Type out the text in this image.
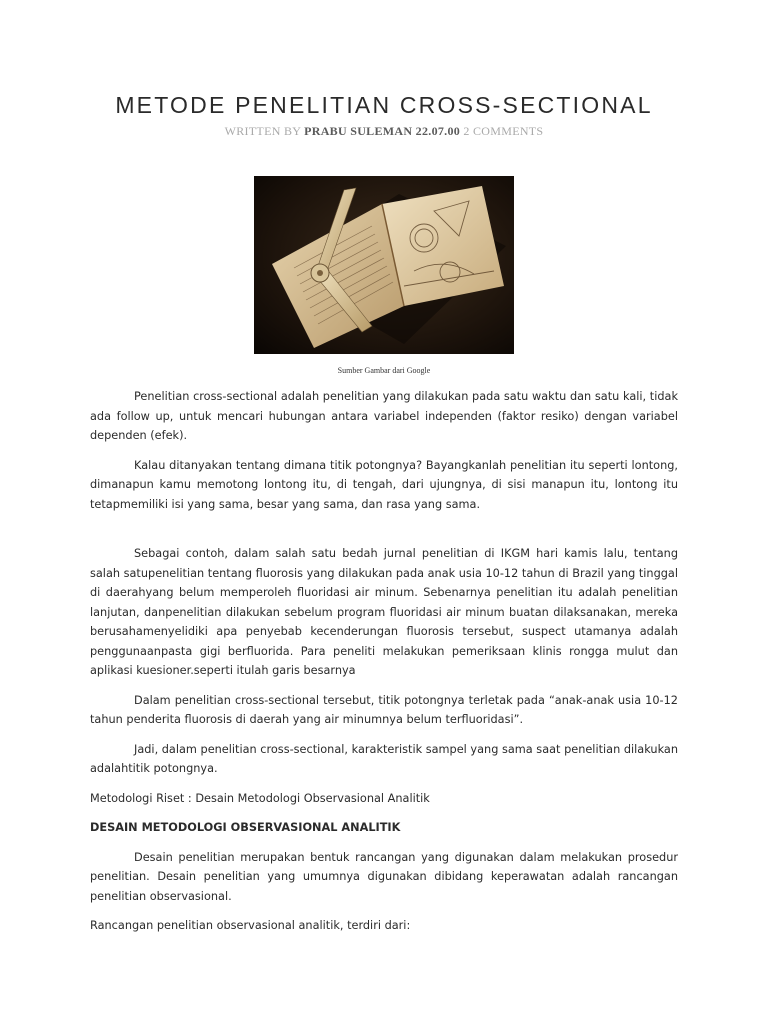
METODE PENELITIAN CROSS-SECTIONAL
WRITTEN BY PRABU SULEMAN 22.07.00 2 COMMENTS
Sumber Gambar dari Google

Penelitian cross-sectional adalah penelitian yang dilakukan pada satu waktu dan satu kali, tidak ada follow up, untuk mencari hubungan antara variabel independen (faktor resiko) dengan variabel dependen (efek).

Kalau ditanyakan tentang dimana titik potongnya? Bayangkanlah penelitian itu seperti lontong, dimanapun kamu memotong lontong itu, di tengah, dari ujungnya, di sisi manapun itu, lontong itu tetapmemiliki isi yang sama, besar yang sama, dan rasa yang sama.

Sebagai contoh, dalam salah satu bedah jurnal penelitian di IKGM hari kamis lalu, tentang salah satupenelitian tentang fluorosis yang dilakukan pada anak usia 10-12 tahun di Brazil yang tinggal di daerahyang belum memperoleh fluoridasi air minum. Sebenarnya penelitian itu adalah penelitian lanjutan, danpenelitian dilakukan sebelum program fluoridasi air minum buatan dilaksanakan, mereka berusahamenyelidiki apa penyebab kecenderungan fluorosis tersebut, suspect utamanya adalah penggunaanpasta gigi berfluorida. Para peneliti melakukan pemeriksaan klinis rongga mulut dan aplikasi kuesioner.seperti itulah garis besarnya

Dalam penelitian cross-sectional tersebut, titik potongnya terletak pada “anak-anak usia 10-12 tahun penderita fluorosis di daerah yang air minumnya belum terfluoridasi”.

Jadi, dalam penelitian cross-sectional, karakteristik sampel yang sama saat penelitian dilakukan adalahtitik potongnya.

Metodologi Riset : Desain Metodologi Observasional Analitik

DESAIN METODOLOGI OBSERVASIONAL ANALITIK

Desain penelitian merupakan bentuk rancangan yang digunakan dalam melakukan prosedur penelitian. Desain penelitian yang umumnya digunakan dibidang keperawatan adalah rancangan penelitian observasional.

Rancangan penelitian observasional analitik, terdiri dari:
